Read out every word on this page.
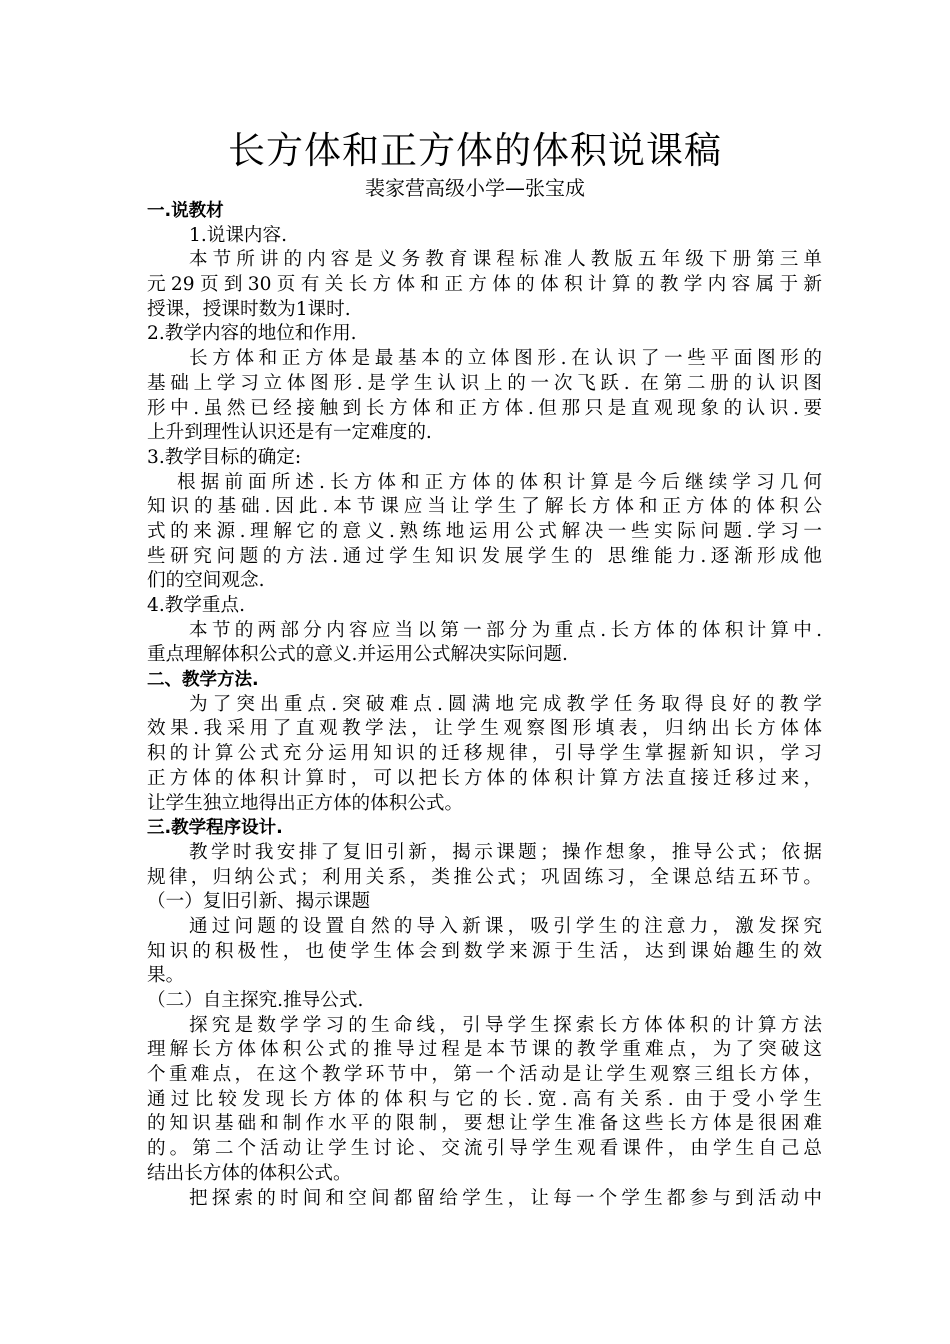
长方体和正方体的体积说课稿
裴家营高级小学—张宝成
一.说教材
1.说课内容.
本节所讲的内容是义务教育课程标准人教版五年级下册第三单
元29页到30页有关长方体和正方体的体积计算的教学内容属于新
授课，授课时数为1课时.
2.教学内容的地位和作用.
长方体和正方体是最基本的立体图形.在认识了一些平面图形的
基础上学习立体图形.是学生认识上的一次飞跃. 在第二册的认识图
形中.虽然已经接触到长方体和正方体.但那只是直观现象的认识.要
上升到理性认识还是有一定难度的.
3.教学目标的确定:
根据前面所述.长方体和正方体的体积计算是今后继续学习几何
知识的基础.因此.本节课应当让学生了解长方体和正方体的体积公
式的来源.理解它的意义.熟练地运用公式解决一些实际问题.学习一
些研究问题的方法.通过学生知识发展学生的 思维能力.逐渐形成他
们的空间观念.
4.教学重点.
本节的两部分内容应当以第一部分为重点.长方体的体积计算中.
重点理解体积公式的意义.并运用公式解决实际问题.
二、教学方法.
为了突出重点.突破难点.圆满地完成教学任务取得良好的教学
效果.我采用了直观教学法，让学生观察图形填表，归纳出长方体体
积的计算公式充分运用知识的迁移规律，引导学生掌握新知识，学习
正方体的体积计算时，可以把长方体的体积计算方法直接迁移过来，
让学生独立地得出正方体的体积公式。
三.教学程序设计.
教学时我安排了复旧引新，揭示课题；操作想象，推导公式；依据
规律，归纳公式；利用关系，类推公式；巩固练习，全课总结五环节。
（一）复旧引新、揭示课题
通过问题的设置自然的导入新课，吸引学生的注意力，激发探究
知识的积极性，也使学生体会到数学来源于生活，达到课始趣生的效
果。
（二）自主探究.推导公式.
探究是数学学习的生命线，引导学生探索长方体体积的计算方法
理解长方体体积公式的推导过程是本节课的教学重难点，为了突破这
个重难点，在这个教学环节中，第一个活动是让学生观察三组长方体，
通过比较发现长方体的体积与它的长.宽.高有关系. 由于受小学生
的知识基础和制作水平的限制，要想让学生准备这些长方体是很困难
的。第二个活动让学生讨论、交流引导学生观看课件，由学生自己总
结出长方体的体积公式。
把探索的时间和空间都留给学生，让每一个学生都参与到活动中
